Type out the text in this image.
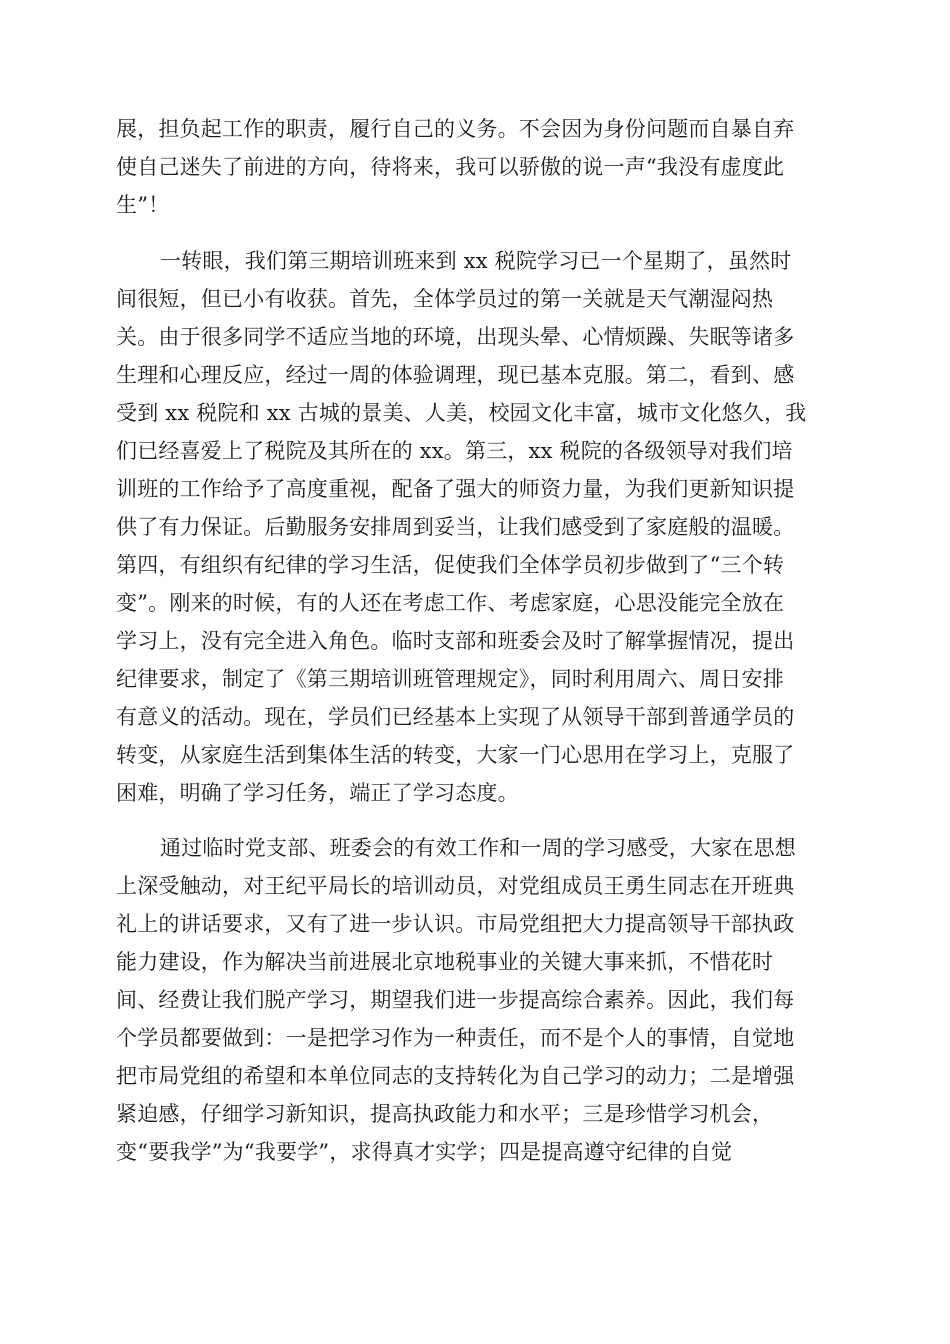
展，担负起工作的职责，履行自己的义务。不会因为身份问题而自暴自弃
使自己迷失了前进的方向，待将来，我可以骄傲的说一声“我没有虚度此
生”！
一转眼，我们第三期培训班来到 xx 税院学习已一个星期了，虽然时
间很短，但已小有收获。首先，全体学员过的第一关就是天气潮湿闷热
关。由于很多同学不适应当地的环境，出现头晕、心情烦躁、失眠等诸多
生理和心理反应，经过一周的体验调理，现已基本克服。第二，看到、感
受到 xx 税院和 xx 古城的景美、人美，校园文化丰富，城市文化悠久，我
们已经喜爱上了税院及其所在的 xx。第三，xx 税院的各级领导对我们培
训班的工作给予了高度重视，配备了强大的师资力量，为我们更新知识提
供了有力保证。后勤服务安排周到妥当，让我们感受到了家庭般的温暖。
第四，有组织有纪律的学习生活，促使我们全体学员初步做到了“三个转
变”。刚来的时候，有的人还在考虑工作、考虑家庭，心思没能完全放在
学习上，没有完全进入角色。临时支部和班委会及时了解掌握情况，提出
纪律要求，制定了《第三期培训班管理规定》，同时利用周六、周日安排
有意义的活动。现在，学员们已经基本上实现了从领导干部到普通学员的
转变，从家庭生活到集体生活的转变，大家一门心思用在学习上，克服了
困难，明确了学习任务，端正了学习态度。
通过临时党支部、班委会的有效工作和一周的学习感受，大家在思想
上深受触动，对王纪平局长的培训动员，对党组成员王勇生同志在开班典
礼上的讲话要求，又有了进一步认识。市局党组把大力提高领导干部执政
能力建设，作为解决当前进展北京地税事业的关键大事来抓，不惜花时
间、经费让我们脱产学习，期望我们进一步提高综合素养。因此，我们每
个学员都要做到：一是把学习作为一种责任，而不是个人的事情，自觉地
把市局党组的希望和本单位同志的支持转化为自己学习的动力；二是增强
紧迫感，仔细学习新知识，提高执政能力和水平；三是珍惜学习机会，
变“要我学”为“我要学”，求得真才实学；四是提高遵守纪律的自觉
